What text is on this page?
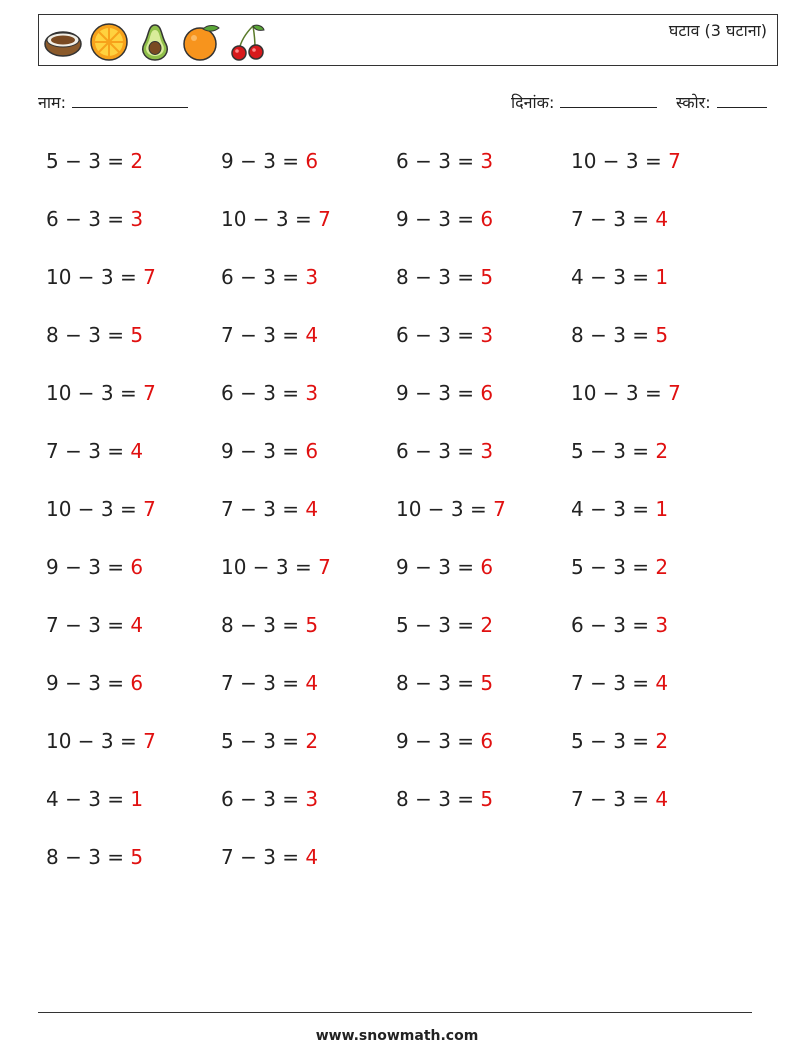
घटाव (3 घटाना)
नाम:	दिनांक:	स्कोर:
5 − 3 = 2	9 − 3 = 6	6 − 3 = 3	10 − 3 = 7
6 − 3 = 3	10 − 3 = 7	9 − 3 = 6	7 − 3 = 4
10 − 3 = 7	6 − 3 = 3	8 − 3 = 5	4 − 3 = 1
8 − 3 = 5	7 − 3 = 4	6 − 3 = 3	8 − 3 = 5
10 − 3 = 7	6 − 3 = 3	9 − 3 = 6	10 − 3 = 7
7 − 3 = 4	9 − 3 = 6	6 − 3 = 3	5 − 3 = 2
10 − 3 = 7	7 − 3 = 4	10 − 3 = 7	4 − 3 = 1
9 − 3 = 6	10 − 3 = 7	9 − 3 = 6	5 − 3 = 2
7 − 3 = 4	8 − 3 = 5	5 − 3 = 2	6 − 3 = 3
9 − 3 = 6	7 − 3 = 4	8 − 3 = 5	7 − 3 = 4
10 − 3 = 7	5 − 3 = 2	9 − 3 = 6	5 − 3 = 2
4 − 3 = 1	6 − 3 = 3	8 − 3 = 5	7 − 3 = 4
8 − 3 = 5	7 − 3 = 4
www.snowmath.com
